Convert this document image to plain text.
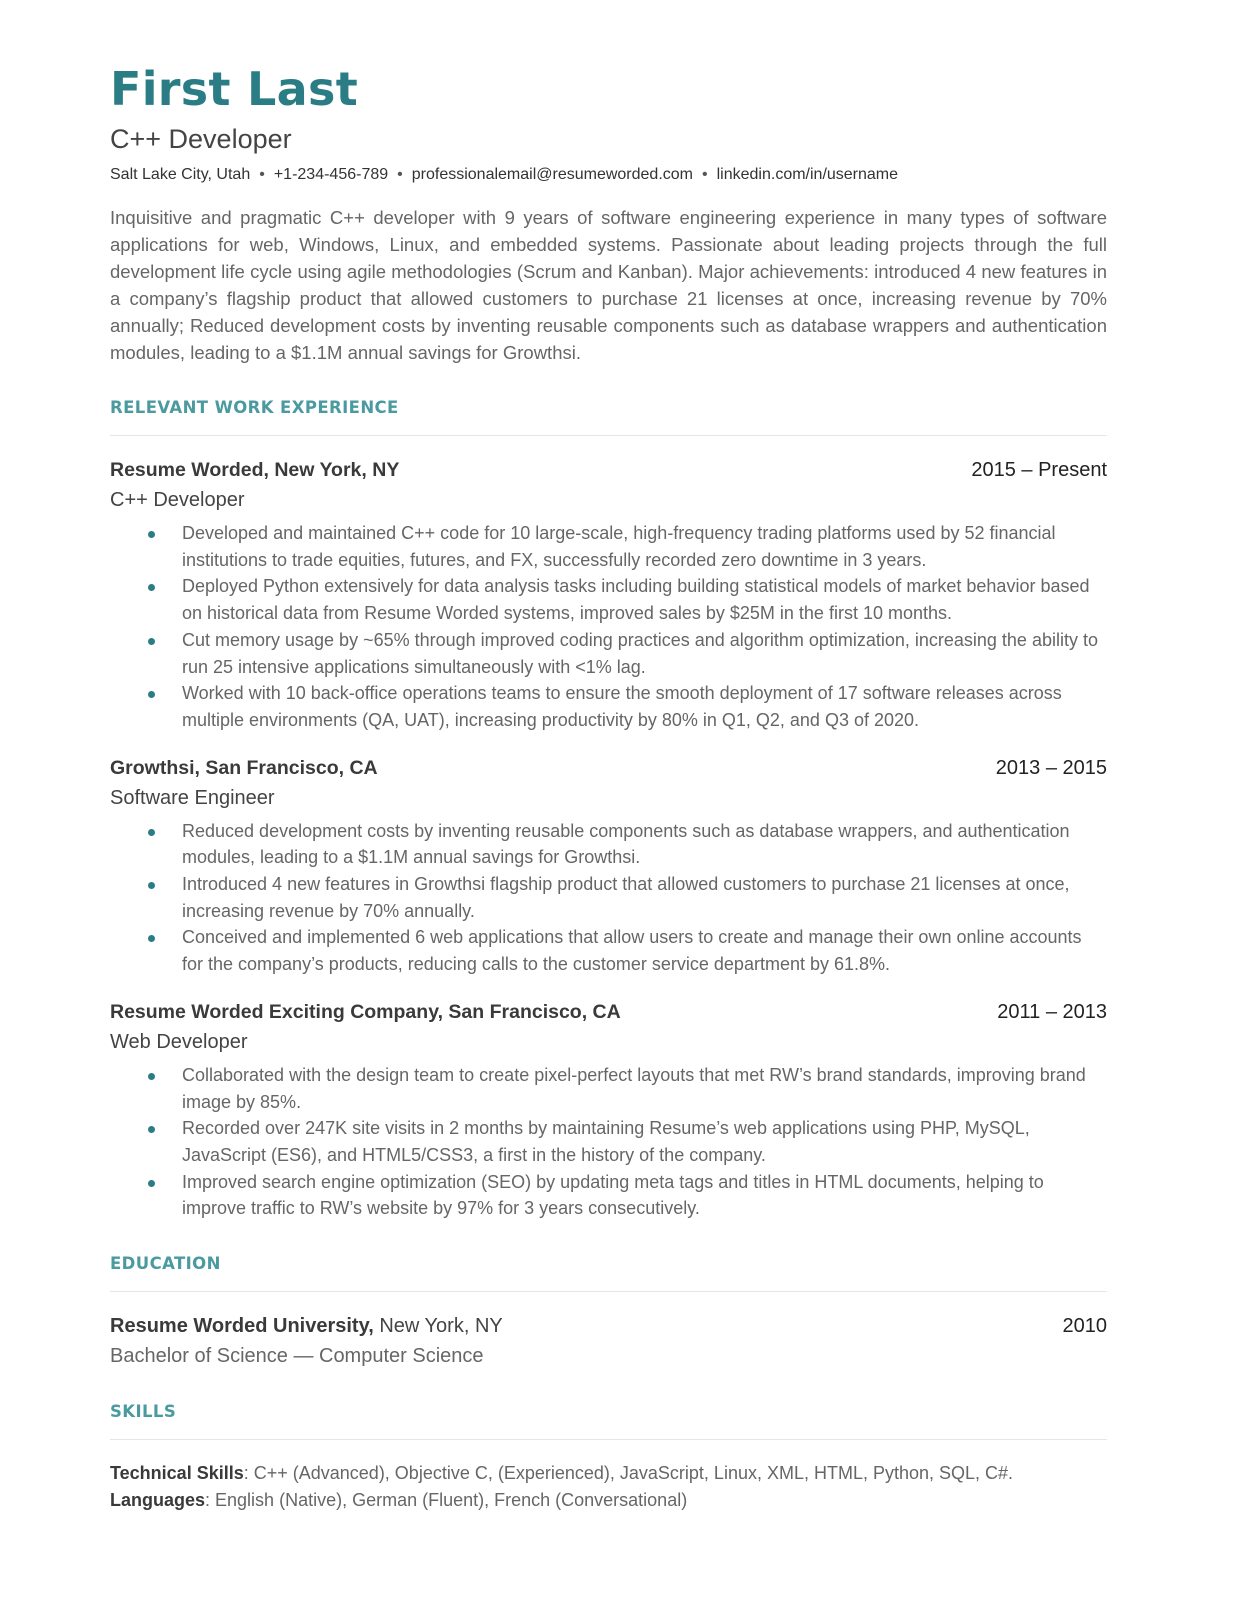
First Last
C++ Developer
Salt Lake City, Utah • +1-234-456-789 • professionalemail@resumeworded.com • linkedin.com/in/username
Inquisitive and pragmatic C++ developer with 9 years of software engineering experience in many types of software applications for web, Windows, Linux, and embedded systems. Passionate about leading projects through the full development life cycle using agile methodologies (Scrum and Kanban). Major achievements: introduced 4 new features in a company’s flagship product that allowed customers to purchase 21 licenses at once, increasing revenue by 70% annually; Reduced development costs by inventing reusable components such as database wrappers and authentication modules, leading to a $1.1M annual savings for Growthsi.
RELEVANT WORK EXPERIENCE
Resume Worded, New York, NY	2015 – Present
C++ Developer
Developed and maintained C++ code for 10 large-scale, high-frequency trading platforms used by 52 financial institutions to trade equities, futures, and FX, successfully recorded zero downtime in 3 years.
Deployed Python extensively for data analysis tasks including building statistical models of market behavior based on historical data from Resume Worded systems, improved sales by $25M in the first 10 months.
Cut memory usage by ~65% through improved coding practices and algorithm optimization, increasing the ability to run 25 intensive applications simultaneously with <1% lag.
Worked with 10 back-office operations teams to ensure the smooth deployment of 17 software releases across multiple environments (QA, UAT), increasing productivity by 80% in Q1, Q2, and Q3 of 2020.
Growthsi, San Francisco, CA	2013 – 2015
Software Engineer
Reduced development costs by inventing reusable components such as database wrappers, and authentication modules, leading to a $1.1M annual savings for Growthsi.
Introduced 4 new features in Growthsi flagship product that allowed customers to purchase 21 licenses at once, increasing revenue by 70% annually.
Conceived and implemented 6 web applications that allow users to create and manage their own online accounts for the company’s products, reducing calls to the customer service department by 61.8%.
Resume Worded Exciting Company, San Francisco, CA	2011 – 2013
Web Developer
Collaborated with the design team to create pixel-perfect layouts that met RW’s brand standards, improving brand image by 85%.
Recorded over 247K site visits in 2 months by maintaining Resume’s web applications using PHP, MySQL, JavaScript (ES6), and HTML5/CSS3, a first in the history of the company.
Improved search engine optimization (SEO) by updating meta tags and titles in HTML documents, helping to improve traffic to RW’s website by 97% for 3 years consecutively.
EDUCATION
Resume Worded University, New York, NY	2010
Bachelor of Science — Computer Science
SKILLS
Technical Skills: C++ (Advanced), Objective C, (Experienced), JavaScript, Linux, XML, HTML, Python, SQL, C#.
Languages: English (Native), German (Fluent), French (Conversational)
